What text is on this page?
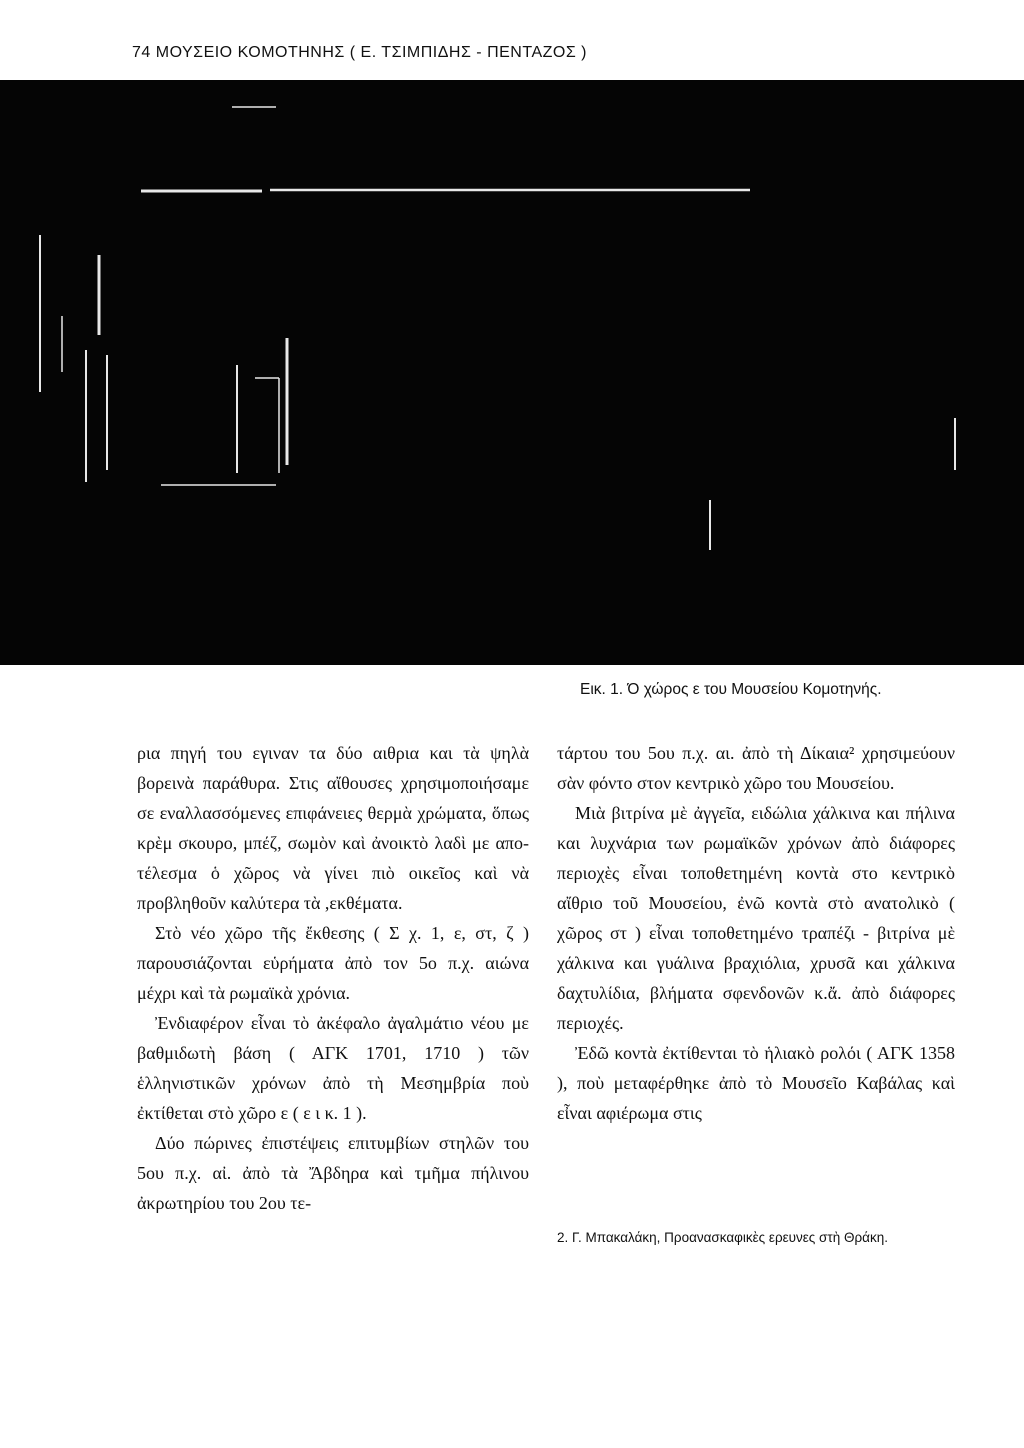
74 ΜΟΥΣΕΙΟ ΚΟΜΟΤΗΝΗΣ ( Ε. ΤΣΙΜΠΙΔΗΣ - ΠΕΝΤΑΖΟΣ )
Εικ. 1. Ό χώρος ε του Μουσείου Κομοτηνής.

ρια πηγή του εγιναν τα δύο αιθρια και τὰ ψηλὰ βορεινὰ παράθυρα. Στις αἴθουσες χρησιμοποιήσαμε σε εναλλασσόμενες επιφάνειες θερμὰ χρώματα, ὅπως κρὲμ σκουρο, μπέζ, σωμὸν καὶ ἀνοικτὸ λαδὶ με αποτέλεσμα ὁ χῶρος νὰ γίνει πιὸ οικεῖος καὶ νὰ προβληθοῦν καλύτερα τὰ ,εκθέματα.

Στὸ νέο χῶρο τῆς ἔκθεσης ( Σ χ. 1, ε, στ, ζ ) παρουσιάζονται εὑρήματα ἀπὸ τον 5ο π.χ. αιώνα μέχρι καὶ τὰ ρωμαϊκὰ χρόνια.

Ἐνδιαφέρον εἶναι τὸ ἀκέφαλο ἀγαλμάτιο νέου με βαθμιδωτὴ βάση ( ΑΓΚ 1701, 1710 ) τῶν ἑλληνιστικῶν χρόνων ἀπὸ τὴ Μεσημβρία ποὺ ἐκτίθεται στὸ χῶρο ε ( ε ι κ. 1 ).

Δύο πώρινες ἐπιστέψεις επιτυμβίων στηλῶν του 5ου π.χ. αἰ. ἀπὸ τὰ Ἄβδηρα καὶ τμῆμα πήλινου ἀκρωτηρίου του 2ου τε-

τάρτου του 5ου π.χ. αι. ἀπὸ τὴ Δίκαια² χρησιμεύουν σὰν φόντο στον κεντρικὸ χῶρο του Μουσείου.

Μιὰ βιτρίνα μὲ ἀγγεῖα, ειδώλια χάλκινα και πήλινα και λυχνάρια των ρωμαϊκῶν χρόνων ἀπὸ διάφορες περιοχὲς εἶναι τοποθετημένη κοντὰ στο κεντρικὸ αἴθριο τοῦ Μουσείου, ἐνῶ κοντὰ στὸ ανατολικὸ ( χῶρος στ ) εἶναι τοποθετημένο τραπέζι - βιτρίνα μὲ χάλκινα και γυάλινα βραχιόλια, χρυσᾶ και χάλκινα δαχτυλίδια, βλήματα σφενδονῶν κ.ἄ. ἀπὸ διάφορες περιοχές.

Ἐδῶ κοντὰ ἐκτίθενται τὸ ἡλιακὸ ρολόι ( ΑΓΚ 1358 ), ποὺ μεταφέρθηκε ἀπὸ τὸ Μουσεῖο Καβάλας καὶ εἶναι αφιέρωμα στις

2. Γ. Μπακαλάκη, Προανασκαφικὲς ερευνες στὴ Θράκη.
